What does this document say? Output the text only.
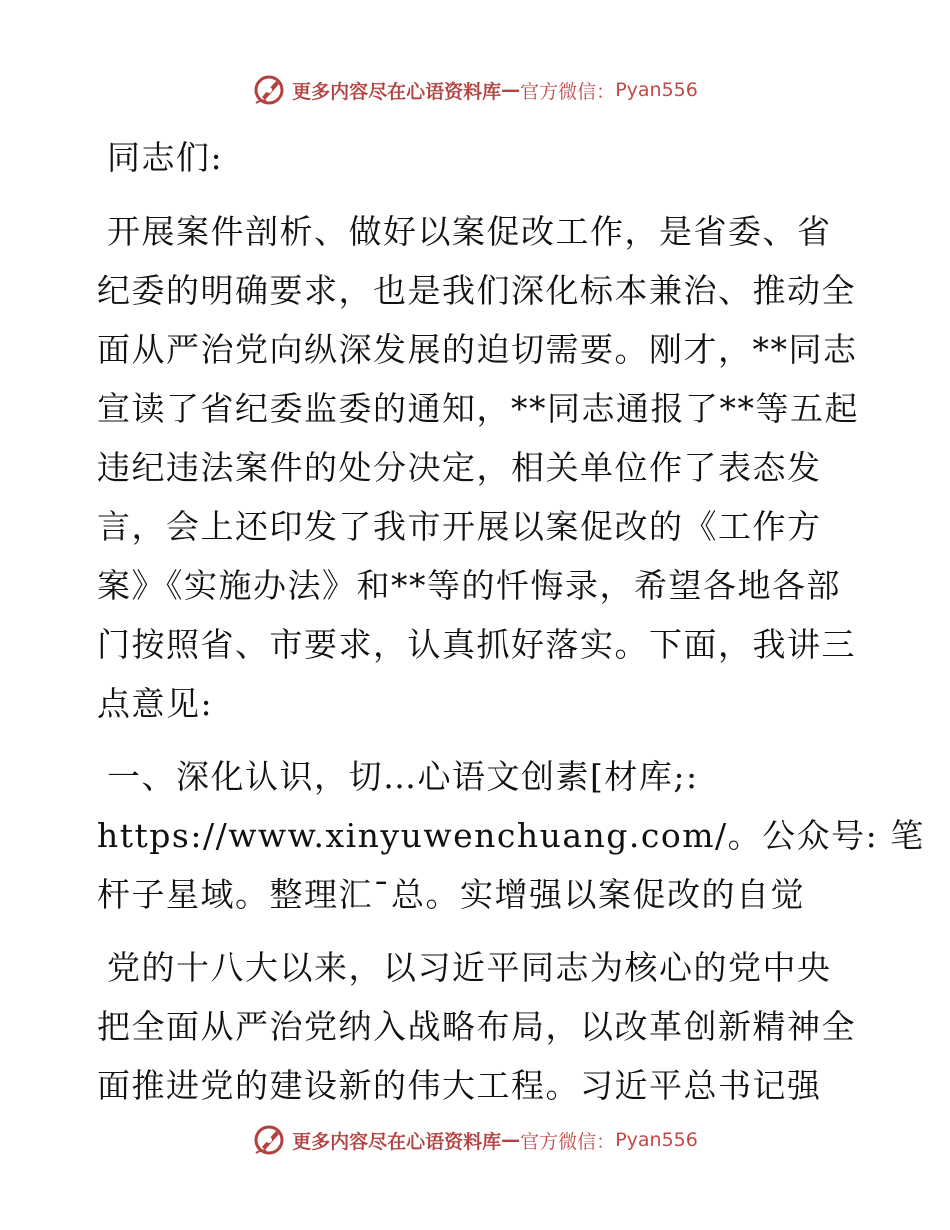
更多内容尽在心语资料库 — 官方微信： Pyan556

同志们:

开展案件剖析、做好以案促改工作，是省委、省

纪委的明确要求，也是我们深化标本兼治、推动全

面从严治党向纵深发展的迫切需要。刚才，**同志

宣读了省纪委监委的通知，**同志通报了**等五起

违纪违法案件的处分决定，相关单位作了表态发

言，会上还印发了我市开展以案促改的《工作方

案》《实施办法》和**等的忏悔录，希望各地各部

门按照省、市要求，认真抓好落实。下面，我讲三

点意见:

一、深化认识，切…心语文创素[材库;:

https://www.xinyuwenchuang.com/。公众号: 笔

杆子星域。整理汇¯总。实增强以案促改的自觉

党的十八大以来，以习近平同志为核心的党中央

把全面从严治党纳入战略布局，以改革创新精神全

面推进党的建设新的伟大工程。习近平总书记强

更多内容尽在心语资料库 — 官方微信： Pyan556
